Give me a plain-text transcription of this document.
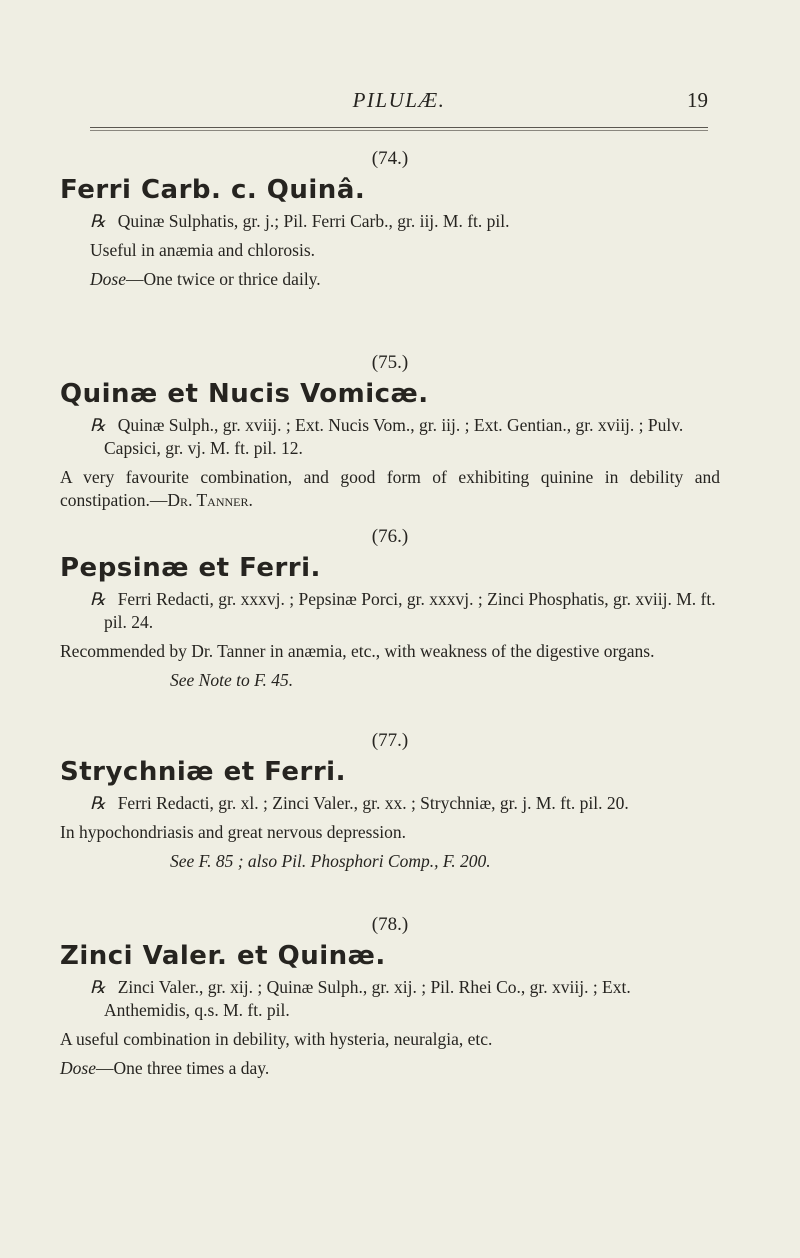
PILULÆ.	19
(74.)
Ferri Carb. c. Quinâ.
℞ Quinæ Sulphatis, gr. j.; Pil. Ferri Carb., gr. iij. M. ft. pil.
Useful in anæmia and chlorosis.
Dose—One twice or thrice daily.
(75.)
Quinæ et Nucis Vomicæ.
℞ Quinæ Sulph., gr. xviij. ; Ext. Nucis Vom., gr. iij. ; Ext. Gentian., gr. xviij. ; Pulv. Capsici, gr. vj. M. ft. pil. 12.
A very favourite combination, and good form of exhibiting quinine in debility and constipation.—Dr. Tanner.
(76.)
Pepsinæ et Ferri.
℞ Ferri Redacti, gr. xxxvj. ; Pepsinæ Porci, gr. xxxvj. ; Zinci Phosphatis, gr. xviij. M. ft. pil. 24.
Recommended by Dr. Tanner in anæmia, etc., with weakness of the digestive organs.
See Note to F. 45.
(77.)
Strychniæ et Ferri.
℞ Ferri Redacti, gr. xl. ; Zinci Valer., gr. xx. ; Strychniæ, gr. j. M. ft. pil. 20.
In hypochondriasis and great nervous depression.
See F. 85 ; also Pil. Phosphori Comp., F. 200.
(78.)
Zinci Valer. et Quinæ.
℞ Zinci Valer., gr. xij. ; Quinæ Sulph., gr. xij. ; Pil. Rhei Co., gr. xviij. ; Ext. Anthemidis, q.s. M. ft. pil.
A useful combination in debility, with hysteria, neuralgia, etc.
Dose—One three times a day.
